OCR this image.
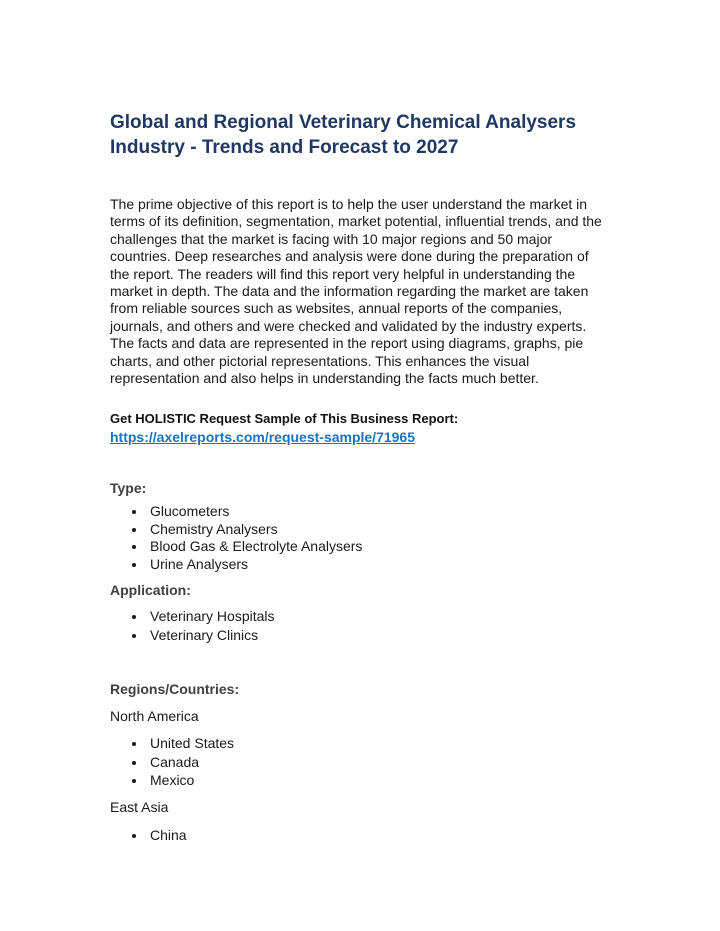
Global and Regional Veterinary Chemical Analysers Industry - Trends and Forecast to 2027

The prime objective of this report is to help the user understand the market in terms of its definition, segmentation, market potential, influential trends, and the challenges that the market is facing with 10 major regions and 50 major countries. Deep researches and analysis were done during the preparation of the report. The readers will find this report very helpful in understanding the market in depth. The data and the information regarding the market are taken from reliable sources such as websites, annual reports of the companies, journals, and others and were checked and validated by the industry experts. The facts and data are represented in the report using diagrams, graphs, pie charts, and other pictorial representations. This enhances the visual representation and also helps in understanding the facts much better.

Get HOLISTIC Request Sample of This Business Report:
https://axelreports.com/request-sample/71965
Type:
Glucometers
Chemistry Analysers
Blood Gas & Electrolyte Analysers
Urine Analysers
Application:
Veterinary Hospitals
Veterinary Clinics
Regions/Countries:
North America
United States
Canada
Mexico
East Asia
China
